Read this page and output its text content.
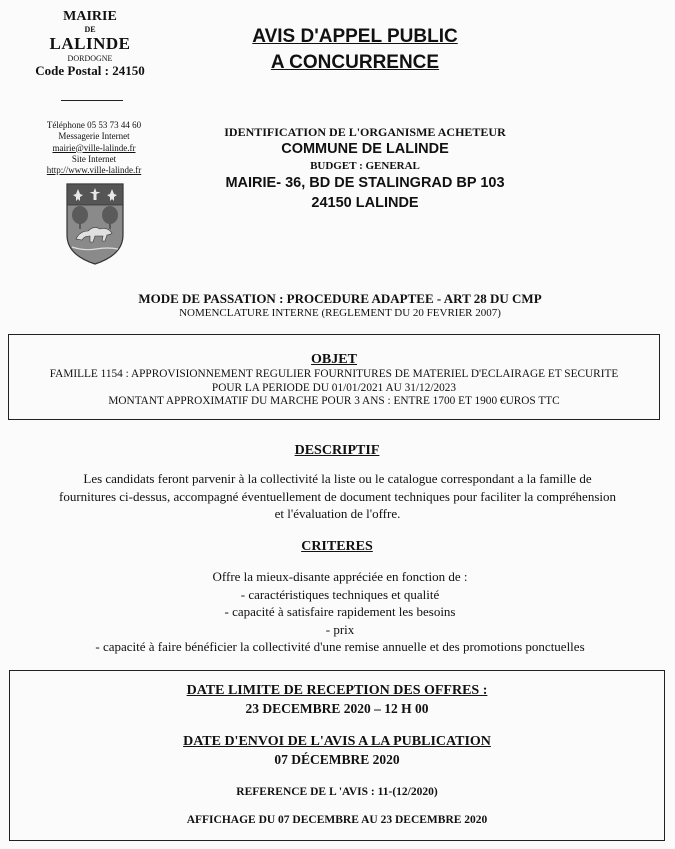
MAIRIE
DE
LALINDE
DORDOGNE
Code Postal : 24150
Téléphone 05 53 73 44 60
Messagerie Internet
mairie@ville-lalinde.fr
Site Internet
http://www.ville-lalinde.fr
AVIS D'APPEL PUBLIC
A CONCURRENCE
IDENTIFICATION DE L'ORGANISME ACHETEUR
COMMUNE DE LALINDE
BUDGET : GENERAL
MAIRIE- 36, BD DE STALINGRAD BP 103
24150 LALINDE
MODE DE PASSATION : PROCEDURE ADAPTEE - ART 28 DU CMP
NOMENCLATURE INTERNE (REGLEMENT DU 20 FEVRIER 2007)
OBJET
FAMILLE 1154 : APPROVISIONNEMENT REGULIER FOURNITURES DE MATERIEL D'ECLAIRAGE ET SECURITE
POUR LA PERIODE DU 01/01/2021 AU 31/12/2023
MONTANT APPROXIMATIF DU MARCHE POUR 3 ANS : ENTRE 1700 ET 1900 €UROS TTC
DESCRIPTIF
Les candidats feront parvenir à la collectivité la liste ou le catalogue correspondant a la famille de
fournitures ci-dessus, accompagné éventuellement de document techniques pour faciliter la compréhension
et l'évaluation de l'offre.
CRITERES
Offre la mieux-disante appréciée en fonction de :
- caractéristiques techniques et qualité
- capacité à satisfaire rapidement les besoins
- prix
- capacité à faire bénéficier la collectivité d'une remise annuelle et des promotions ponctuelles
DATE LIMITE DE RECEPTION DES OFFRES :
23 DECEMBRE 2020 – 12 H 00
DATE D'ENVOI DE L'AVIS A LA PUBLICATION
07 DÉCEMBRE 2020
REFERENCE DE L 'AVIS : 11-(12/2020)
AFFICHAGE DU 07 DECEMBRE AU 23 DECEMBRE 2020
